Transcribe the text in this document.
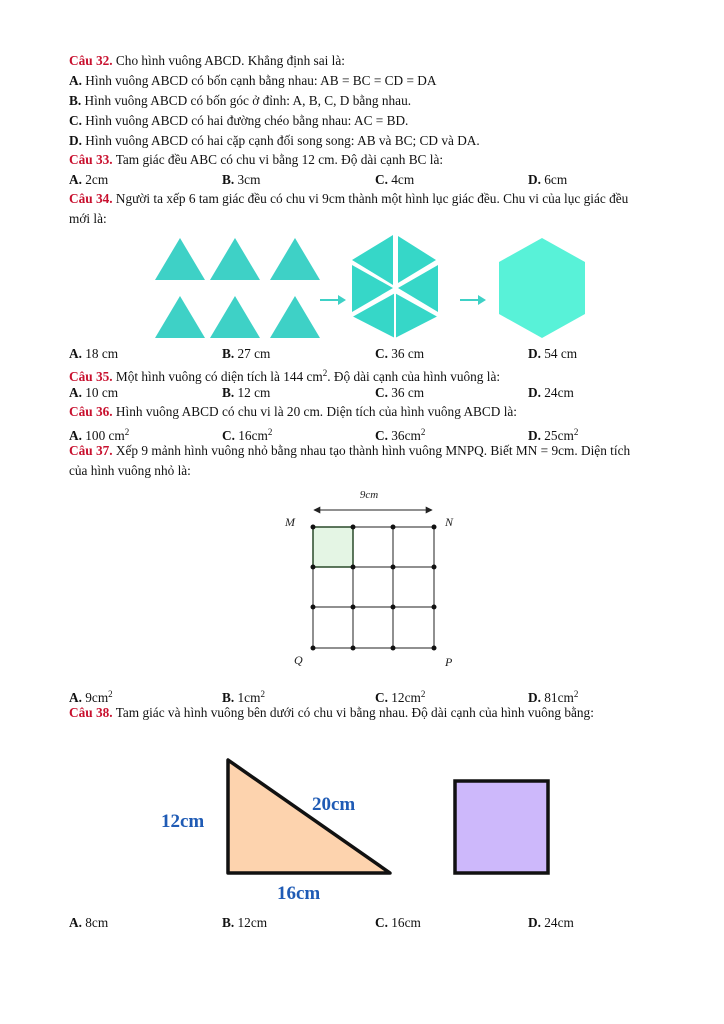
Câu 32. Cho hình vuông ABCD. Khẳng định sai là:
A. Hình vuông ABCD có bốn cạnh bằng nhau: AB = BC = CD = DA
B. Hình vuông ABCD có bốn góc ở đỉnh: A, B, C, D bằng nhau.
C. Hình vuông ABCD có hai đường chéo bằng nhau: AC = BD.
D. Hình vuông ABCD có hai cặp cạnh đối song song: AB và BC; CD và DA.
Câu 33. Tam giác đều ABC có chu vi bằng 12 cm. Độ dài cạnh BC là:
A. 2cm	B. 3cm	C. 4cm	D. 6cm
Câu 34. Người ta xếp 6 tam giác đều có chu vi 9cm thành một hình lục giác đều. Chu vi của lục giác đều
mới là:
A. 18 cm	B. 27 cm	C. 36 cm	D. 54 cm
Câu 35. Một hình vuông có diện tích là 144 $cm^2$. Độ dài cạnh của hình vuông là:
A. 10 cm	B. 12 cm	C. 36 cm	D. 24cm
Câu 36. Hình vuông ABCD có chu vi là 20 cm. Diện tích của hình vuông ABCD là:
A. 100 $cm^2$	C. $16cm^2$	C. $36cm^2$	D. $25cm^2$
Câu 37. Xếp 9 mảnh hình vuông nhỏ bằng nhau tạo thành hình vuông MNPQ. Biết MN = 9cm. Diện tích
của hình vuông nhỏ là:
9cm
M	N
Q	P
A. $9cm^2$	B. $1cm^2$	C. $12cm^2$	D. $81cm^2$
Câu 38. Tam giác và hình vuông bên dưới có chu vi bằng nhau. Độ dài cạnh của hình vuông bằng:
12cm
20cm
16cm
A. 8cm	B. 12cm	C. 16cm	D. 24cm
